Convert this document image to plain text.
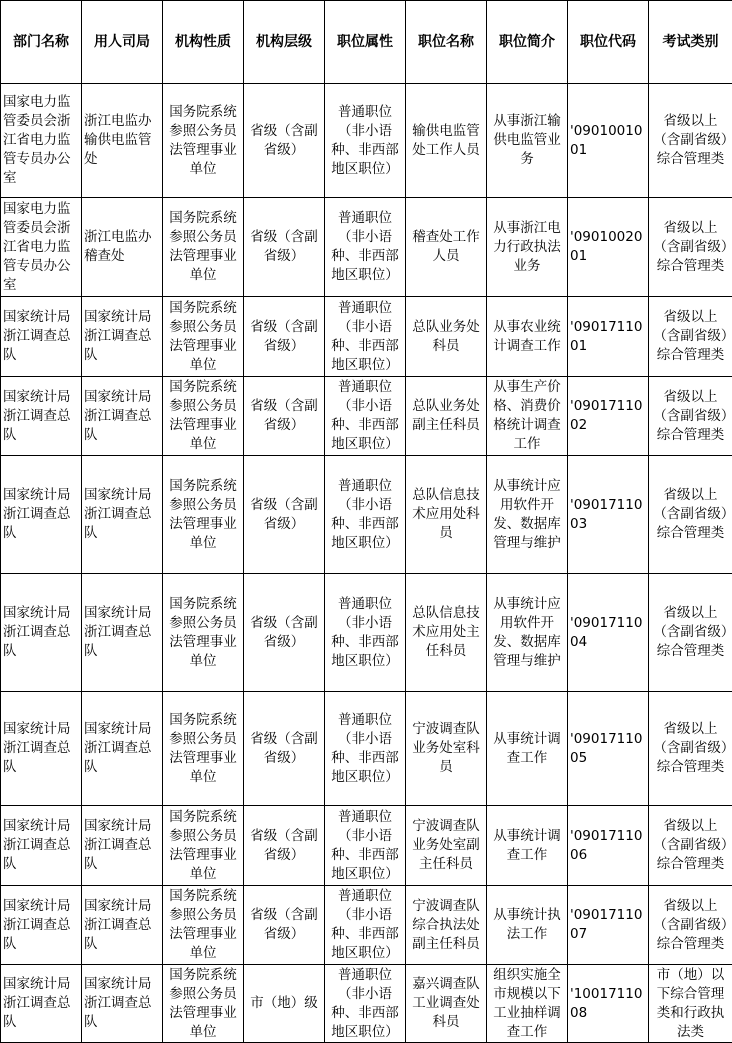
部门名称	用人司局	机构性质	机构层级	职位属性	职位名称	职位简介	职位代码	考试类别
国家电力监管委员会浙江省电力监管专员办公室	浙江电监办输供电监管处	国务院系统参照公务员法管理事业单位	省级（含副省级）	普通职位（非小语种、非西部地区职位）	输供电监管处工作人员	从事浙江输供电监管业务	'0901001001	省级以上（含副省级）综合管理类
国家电力监管委员会浙江省电力监管专员办公室	浙江电监办稽查处	国务院系统参照公务员法管理事业单位	省级（含副省级）	普通职位（非小语种、非西部地区职位）	稽查处工作人员	从事浙江电力行政执法业务	'0901002001	省级以上（含副省级）综合管理类
国家统计局浙江调查总队	国家统计局浙江调查总队	国务院系统参照公务员法管理事业单位	省级（含副省级）	普通职位（非小语种、非西部地区职位）	总队业务处科员	从事农业统计调查工作	'0901711001	省级以上（含副省级）综合管理类
国家统计局浙江调查总队	国家统计局浙江调查总队	国务院系统参照公务员法管理事业单位	省级（含副省级）	普通职位（非小语种、非西部地区职位）	总队业务处副主任科员	从事生产价格、消费价格统计调查工作	'0901711002	省级以上（含副省级）综合管理类
国家统计局浙江调查总队	国家统计局浙江调查总队	国务院系统参照公务员法管理事业单位	省级（含副省级）	普通职位（非小语种、非西部地区职位）	总队信息技术应用处科员	从事统计应用软件开发、数据库管理与维护	'0901711003	省级以上（含副省级）综合管理类
国家统计局浙江调查总队	国家统计局浙江调查总队	国务院系统参照公务员法管理事业单位	省级（含副省级）	普通职位（非小语种、非西部地区职位）	总队信息技术应用处主任科员	从事统计应用软件开发、数据库管理与维护	'0901711004	省级以上（含副省级）综合管理类
国家统计局浙江调查总队	国家统计局浙江调查总队	国务院系统参照公务员法管理事业单位	省级（含副省级）	普通职位（非小语种、非西部地区职位）	宁波调查队业务处室科员	从事统计调查工作	'0901711005	省级以上（含副省级）综合管理类
国家统计局浙江调查总队	国家统计局浙江调查总队	国务院系统参照公务员法管理事业单位	省级（含副省级）	普通职位（非小语种、非西部地区职位）	宁波调查队业务处室副主任科员	从事统计调查工作	'0901711006	省级以上（含副省级）综合管理类
国家统计局浙江调查总队	国家统计局浙江调查总队	国务院系统参照公务员法管理事业单位	省级（含副省级）	普通职位（非小语种、非西部地区职位）	宁波调查队综合执法处副主任科员	从事统计执法工作	'0901711007	省级以上（含副省级）综合管理类
国家统计局浙江调查总队	国家统计局浙江调查总队	国务院系统参照公务员法管理事业单位	市（地）级	普通职位（非小语种、非西部地区职位）	嘉兴调查队工业调查处科员	组织实施全市规模以下工业抽样调查工作	'1001711008	市（地）以下综合管理类和行政执法类
